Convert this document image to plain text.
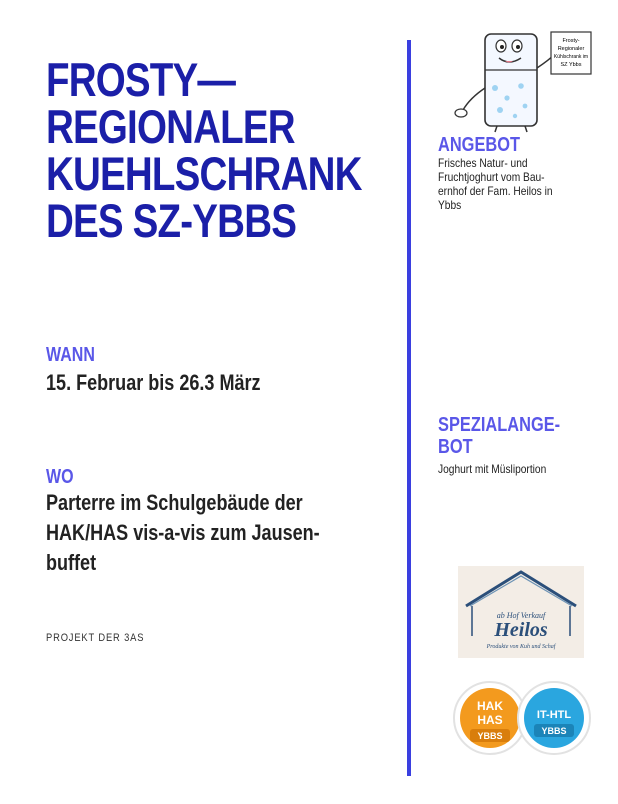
FROSTY—
REGIONALER
KUEHLSCHRANK
DES SZ-YBBS
WANN
15. Februar bis 26.3 März
WO
Parterre im Schulgebäude der
HAK/HAS vis-a-vis zum Jausen-
buffet
PROJEKT DER 3AS
Frosty-
Regionaler
Kühlschrank im
SZ Ybbs
ANGEBOT
Frisches Natur- und
Fruchtjoghurt vom Bau-
ernhof der Fam. Heilos in
Ybbs
SPEZIALANGE-
BOT
Joghurt mit Müsliportion
ab Hof Verkauf
Heilos
Produkte von Kuh und Schaf
HAK
HAS
YBBS
IT-HTL
YBBS
